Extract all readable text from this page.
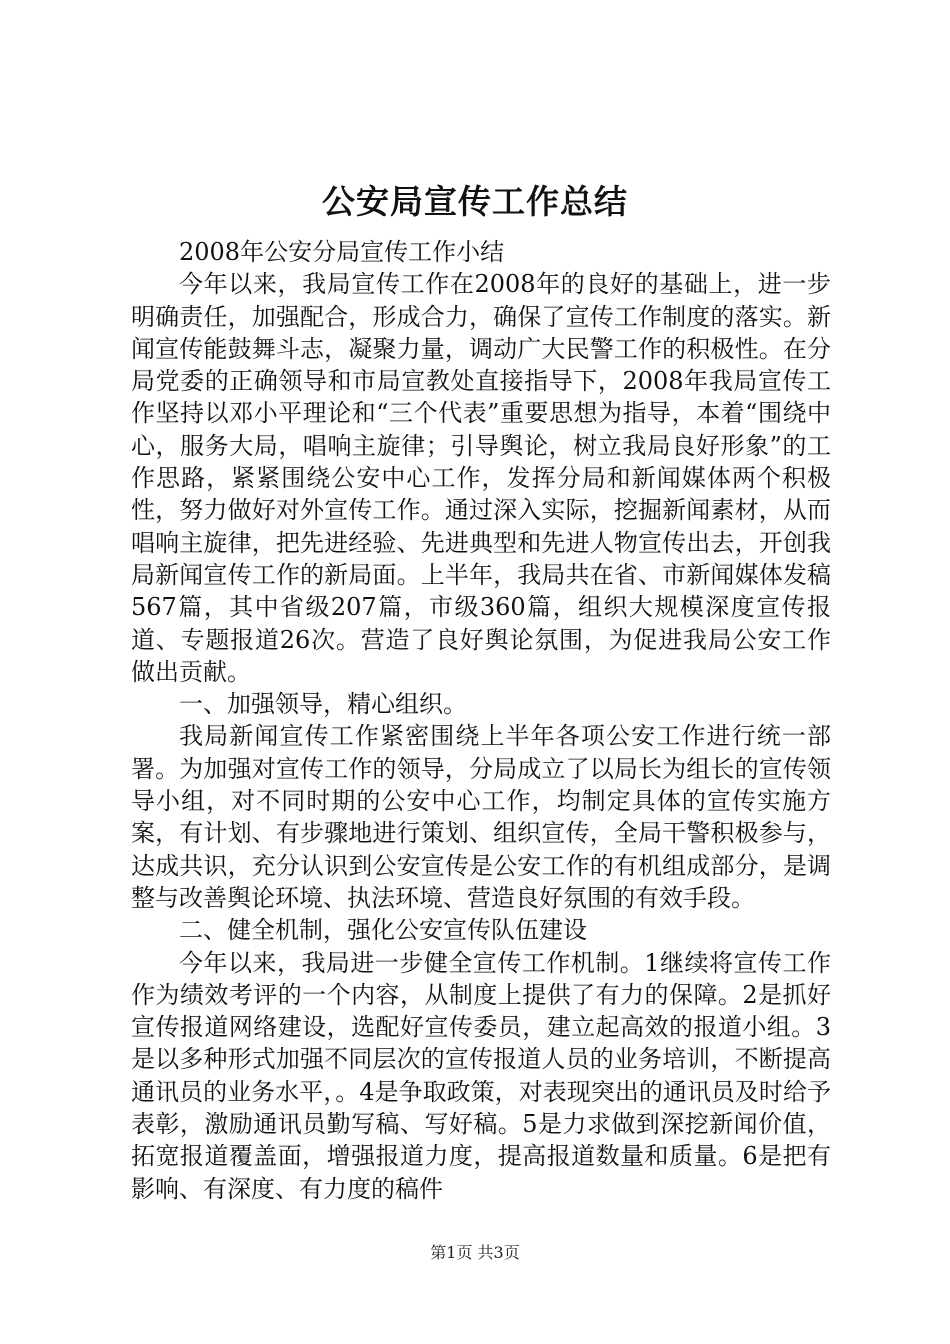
公安局宣传工作总结

2008年公安分局宣传工作小结

今年以来，我局宣传工作在2008年的良好的基础上，进一步明确责任，加强配合，形成合力，确保了宣传工作制度的落实。新闻宣传能鼓舞斗志，凝聚力量，调动广大民警工作的积极性。在分局党委的正确领导和市局宣教处直接指导下，2008年我局宣传工作坚持以邓小平理论和“三个代表”重要思想为指导，本着“围绕中心，服务大局，唱响主旋律；引导舆论，树立我局良好形象”的工作思路，紧紧围绕公安中心工作，发挥分局和新闻媒体两个积极性，努力做好对外宣传工作。通过深入实际，挖掘新闻素材，从而唱响主旋律，把先进经验、先进典型和先进人物宣传出去，开创我局新闻宣传工作的新局面。上半年，我局共在省、市新闻媒体发稿567篇，其中省级207篇，市级360篇，组织大规模深度宣传报道、专题报道26次。营造了良好舆论氛围，为促进我局公安工作做出贡献。

一、加强领导，精心组织。

我局新闻宣传工作紧密围绕上半年各项公安工作进行统一部署。为加强对宣传工作的领导，分局成立了以局长为组长的宣传领导小组，对不同时期的公安中心工作，均制定具体的宣传实施方案，有计划、有步骤地进行策划、组织宣传，全局干警积极参与，达成共识，充分认识到公安宣传是公安工作的有机组成部分，是调整与改善舆论环境、执法环境、营造良好氛围的有效手段。

二、健全机制，强化公安宣传队伍建设

今年以来，我局进一步健全宣传工作机制。1继续将宣传工作作为绩效考评的一个内容，从制度上提供了有力的保障。2是抓好宣传报道网络建设，选配好宣传委员，建立起高效的报道小组。3是以多种形式加强不同层次的宣传报道人员的业务培训，不断提高通讯员的业务水平，。4是争取政策，对表现突出的通讯员及时给予表彰，激励通讯员勤写稿、写好稿。5是力求做到深挖新闻价值，拓宽报道覆盖面，增强报道力度，提高报道数量和质量。6是把有影响、有深度、有力度的稿件

第1页 共3页
